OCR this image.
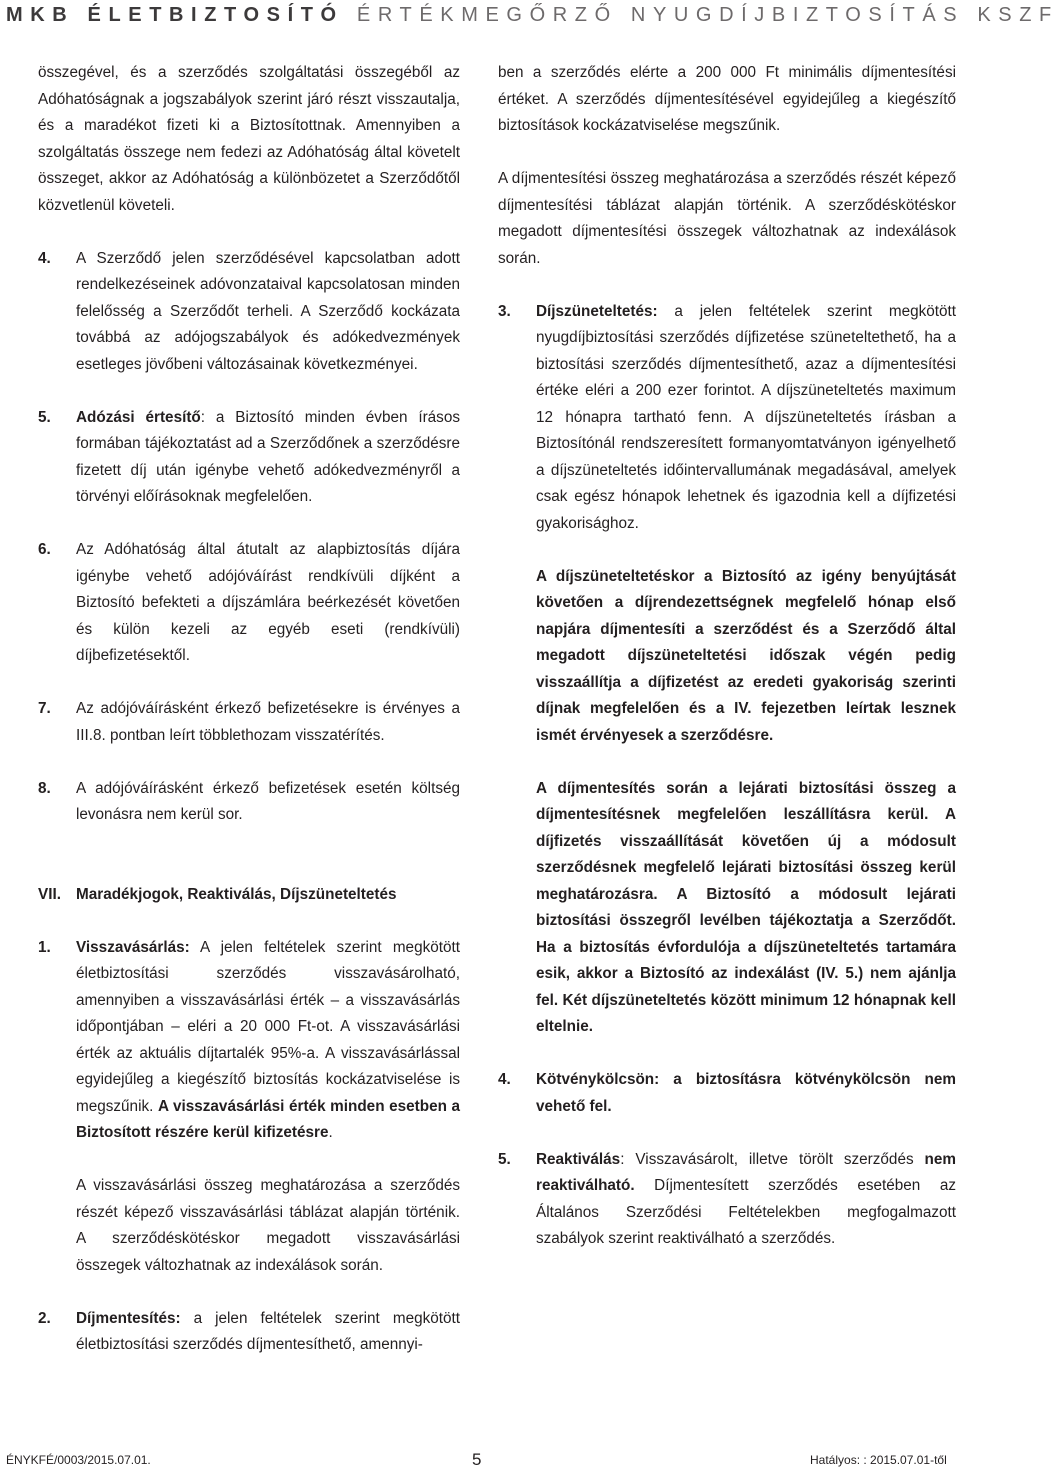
MKB ÉLETBIZTOSÍTÓ ÉRTÉKMEGŐRZŐ NYUGDÍJBIZTOSÍTÁS KSZF

összegével, és a szerződés szolgáltatási összegéből az Adóhatóságnak a jogszabályok szerint járó részt visszautalja, és a maradékot fizeti ki a Biztosítottnak. Amennyiben a szolgáltatás összege nem fedezi az Adóhatóság által követelt összeget, akkor az Adóhatóság a különbözetet a Szerződőtől közvetlenül követeli.

4.	A Szerződő jelen szerződésével kapcsolatban adott rendelkezéseinek adóvonzataival kapcsolatosan minden felelősség a Szerződőt terheli. A Szerződő kockázata továbbá az adójogszabályok és adókedvezmények esetleges jövőbeni változásainak következményei.
5.	Adózási értesítő: a Biztosító minden évben írásos formában tájékoztatást ad a Szerződőnek a szerződésre fizetett díj után igénybe vehető adókedvezményről a törvényi előírásoknak megfelelően.
6.	Az Adóhatóság által átutalt az alapbiztosítás díjára igénybe vehető adójóváírást rendkívüli díjként a Biztosító befekteti a díjszámlára beérkezését követően és külön kezeli az egyéb eseti (rendkívüli) díjbefizetésektől.
7.	Az adójóváírásként érkező befizetésekre is érvényes a III.8. pontban leírt többlethozam visszatérítés.
8.	A adójóváírásként érkező befizetések esetén költség levonásra nem kerül sor.
VII. Maradékjogok, Reaktiválás, Díjszüneteltetés
1.	Visszavásárlás: A jelen feltételek szerint megkötött életbiztosítási szerződés visszavásárolható, amennyiben a visszavásárlási érték – a visszavásárlás időpontjában – eléri a 20 000 Ft-ot. A visszavásárlási érték az aktuális díjtartalék 95%-a. A visszavásárlással egyidejűleg a kiegészítő biztosítás kockázatviselése is megszűnik. A visszavásárlási érték minden esetben a Biztosított részére kerül kifizetésre.
A visszavásárlási összeg meghatározása a szerződés részét képező visszavásárlási táblázat alapján történik. A szerződéskötéskor megadott visszavásárlási összegek változhatnak az indexálások során.
2.	Díjmentesítés: a jelen feltételek szerint megkötött életbiztosítási szerződés díjmentesíthető, amennyi-

ben a szerződés elérte a 200 000 Ft minimális díjmentesítési értéket. A szerződés díjmentesítésével egyidejűleg a kiegészítő biztosítások kockázatviselése megszűnik.

A díjmentesítési összeg meghatározása a szerződés részét képező díjmentesítési táblázat alapján történik. A szerződéskötéskor megadott díjmentesítési összegek változhatnak az indexálások során.

3.	Díjszüneteltetés: a jelen feltételek szerint megkötött nyugdíjbiztosítási szerződés díjfizetése szüneteltethető, ha a biztosítási szerződés díjmentesíthető, azaz a díjmentesítési értéke eléri a 200 ezer forintot. A díjszüneteltetés maximum 12 hónapra tartható fenn. A díjszüneteltetés írásban a Biztosítónál rendszeresített formanyomtatványon igényelhető a díjszüneteltetés időintervallumának megadásával, amelyek csak egész hónapok lehetnek és igazodnia kell a díjfizetési gyakorisághoz.
A díjszüneteltetéskor a Biztosító az igény benyújtását követően a díjrendezettségnek megfelelő hónap első napjára díjmentesíti a szerződést és a Szerződő által megadott díjszüneteltetési időszak végén pedig visszaállítja a díjfizetést az eredeti gyakoriság szerinti díjnak megfelelően és a IV. fejezetben leírtak lesznek ismét érvényesek a szerződésre.
A díjmentesítés során a lejárati biztosítási összeg a díjmentesítésnek megfelelően leszállításra kerül. A díjfizetés visszaállítását követően új a módosult szerződésnek megfelelő lejárati biztosítási összeg kerül meghatározásra. A Biztosító a módosult lejárati biztosítási összegről levélben tájékoztatja a Szerződőt. Ha a biztosítás évfordulója a díjszüneteltetés tartamára esik, akkor a Biztosító az indexálást (IV. 5.) nem ajánlja fel. Két díjszüneteltetés között minimum 12 hónapnak kell eltelnie.
4.	Kötvénykölcsön: a biztosításra kötvénykölcsön nem vehető fel.
5.	Reaktiválás: Visszavásárolt, illetve törölt szerződés nem reaktiválható. Díjmentesített szerződés esetében az Általános Szerződési Feltételekben megfogalmazott szabályok szerint reaktiválható a szerződés.
ÉNYKFÉ/0003/2015.07.01.	5	Hatályos: : 2015.07.01-től
